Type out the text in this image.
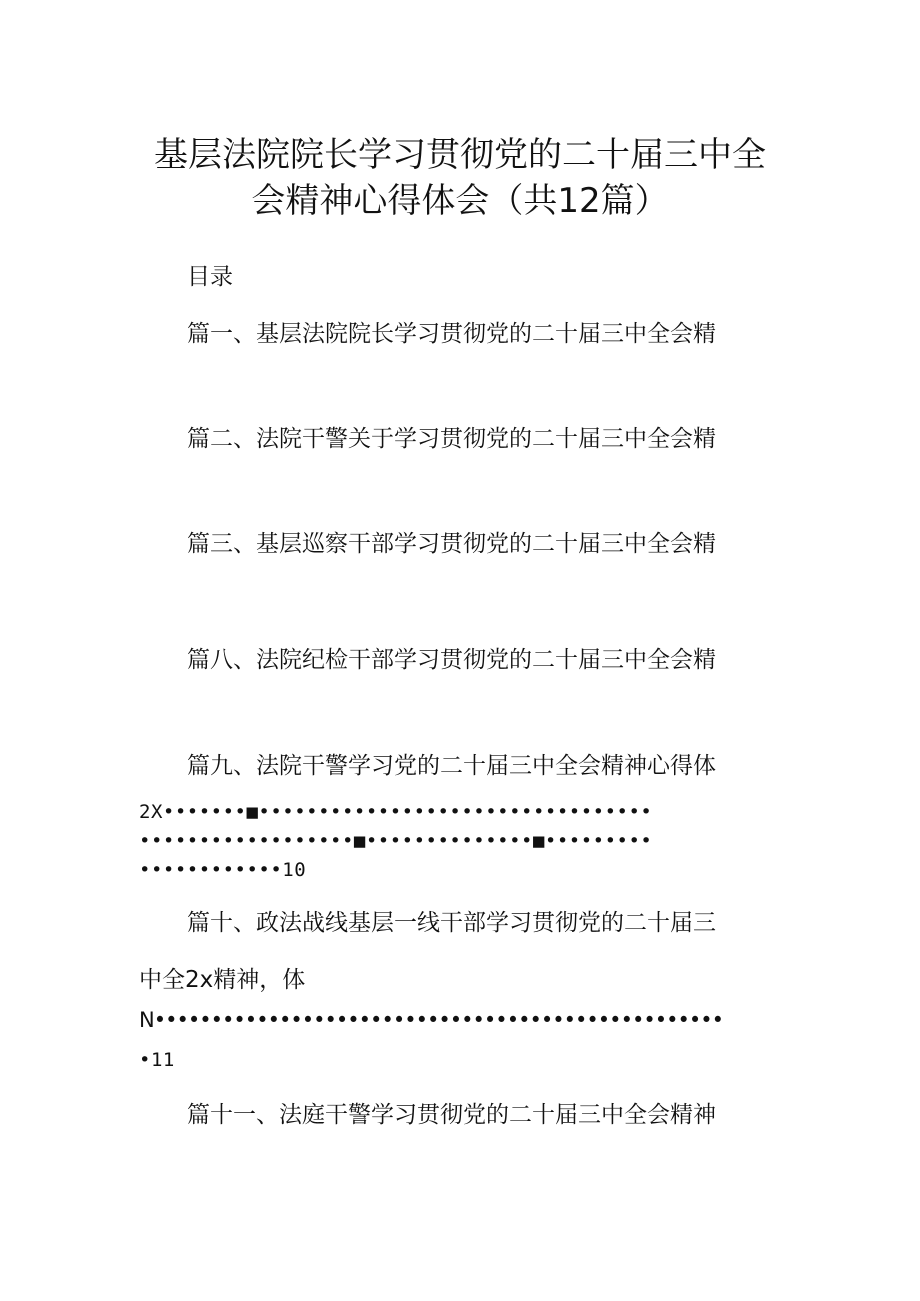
基层法院院长学习贯彻党的二十届三中全
会精神心得体会（共12篇）
目录
篇一、基层法院院长学习贯彻党的二十届三中全会精
篇二、法院干警关于学习贯彻党的二十届三中全会精
篇三、基层巡察干部学习贯彻党的二十届三中全会精
篇八、法院纪检干部学习贯彻党的二十届三中全会精
篇九、法院干警学习党的二十届三中全会精神心得体
2X•••••••■•••••••••••••••••••••••••••••••••
••••••••••••••••••■••••••••••••••■•••••••••
••••••••••••10
篇十、政法战线基层一线干部学习贯彻党的二十届三
中全2x精神，体
N••••••••••••••••••••••••••••••••••••••••••••••••••
•11
篇十一、法庭干警学习贯彻党的二十届三中全会精神
